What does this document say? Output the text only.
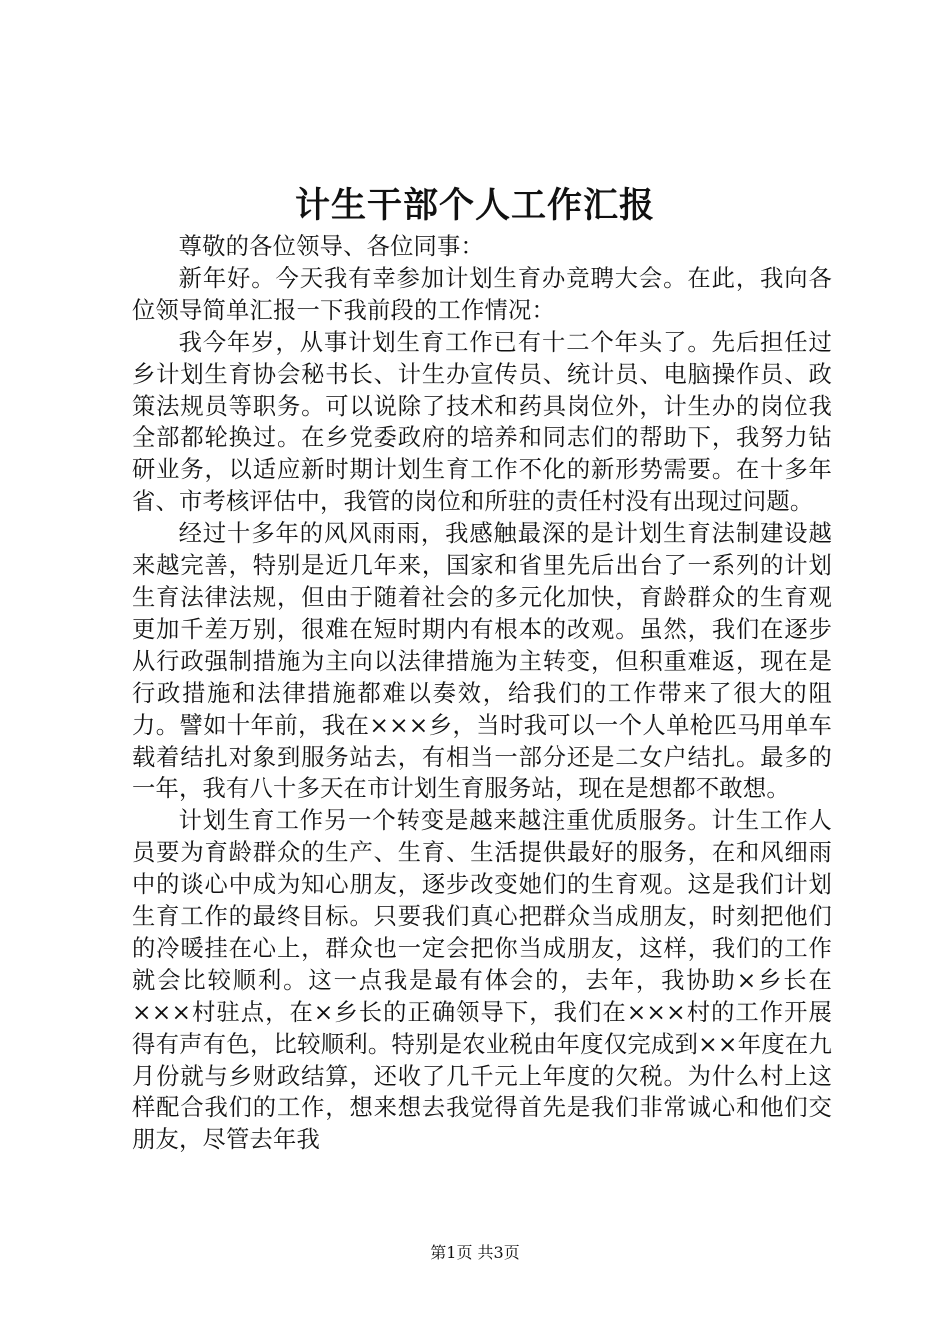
计生干部个人工作汇报

尊敬的各位领导、各位同事：

新年好。今天我有幸参加计划生育办竞聘大会。在此，我向各位领导简单汇报一下我前段的工作情况：

我今年岁，从事计划生育工作已有十二个年头了。先后担任过乡计划生育协会秘书长、计生办宣传员、统计员、电脑操作员、政策法规员等职务。可以说除了技术和药具岗位外，计生办的岗位我全部都轮换过。在乡党委政府的培养和同志们的帮助下，我努力钻研业务，以适应新时期计划生育工作不化的新形势需要。在十多年省、市考核评估中，我管的岗位和所驻的责任村没有出现过问题。

经过十多年的风风雨雨，我感触最深的是计划生育法制建设越来越完善，特别是近几年来，国家和省里先后出台了一系列的计划生育法律法规，但由于随着社会的多元化加快，育龄群众的生育观更加千差万别，很难在短时期内有根本的改观。虽然，我们在逐步从行政强制措施为主向以法律措施为主转变，但积重难返，现在是行政措施和法律措施都难以奏效，给我们的工作带来了很大的阻力。譬如十年前，我在×××乡，当时我可以一个人单枪匹马用单车载着结扎对象到服务站去，有相当一部分还是二女户结扎。最多的一年，我有八十多天在市计划生育服务站，现在是想都不敢想。

计划生育工作另一个转变是越来越注重优质服务。计生工作人员要为育龄群众的生产、生育、生活提供最好的服务，在和风细雨中的谈心中成为知心朋友，逐步改变她们的生育观。这是我们计划生育工作的最终目标。只要我们真心把群众当成朋友，时刻把他们的冷暖挂在心上，群众也一定会把你当成朋友，这样，我们的工作就会比较顺利。这一点我是最有体会的，去年，我协助×乡长在×××村驻点，在×乡长的正确领导下，我们在×××村的工作开展得有声有色，比较顺利。特别是农业税由年度仅完成到××年度在九月份就与乡财政结算，还收了几千元上年度的欠税。为什么村上这样配合我们的工作，想来想去我觉得首先是我们非常诚心和他们交朋友，尽管去年我

第1页 共3页
